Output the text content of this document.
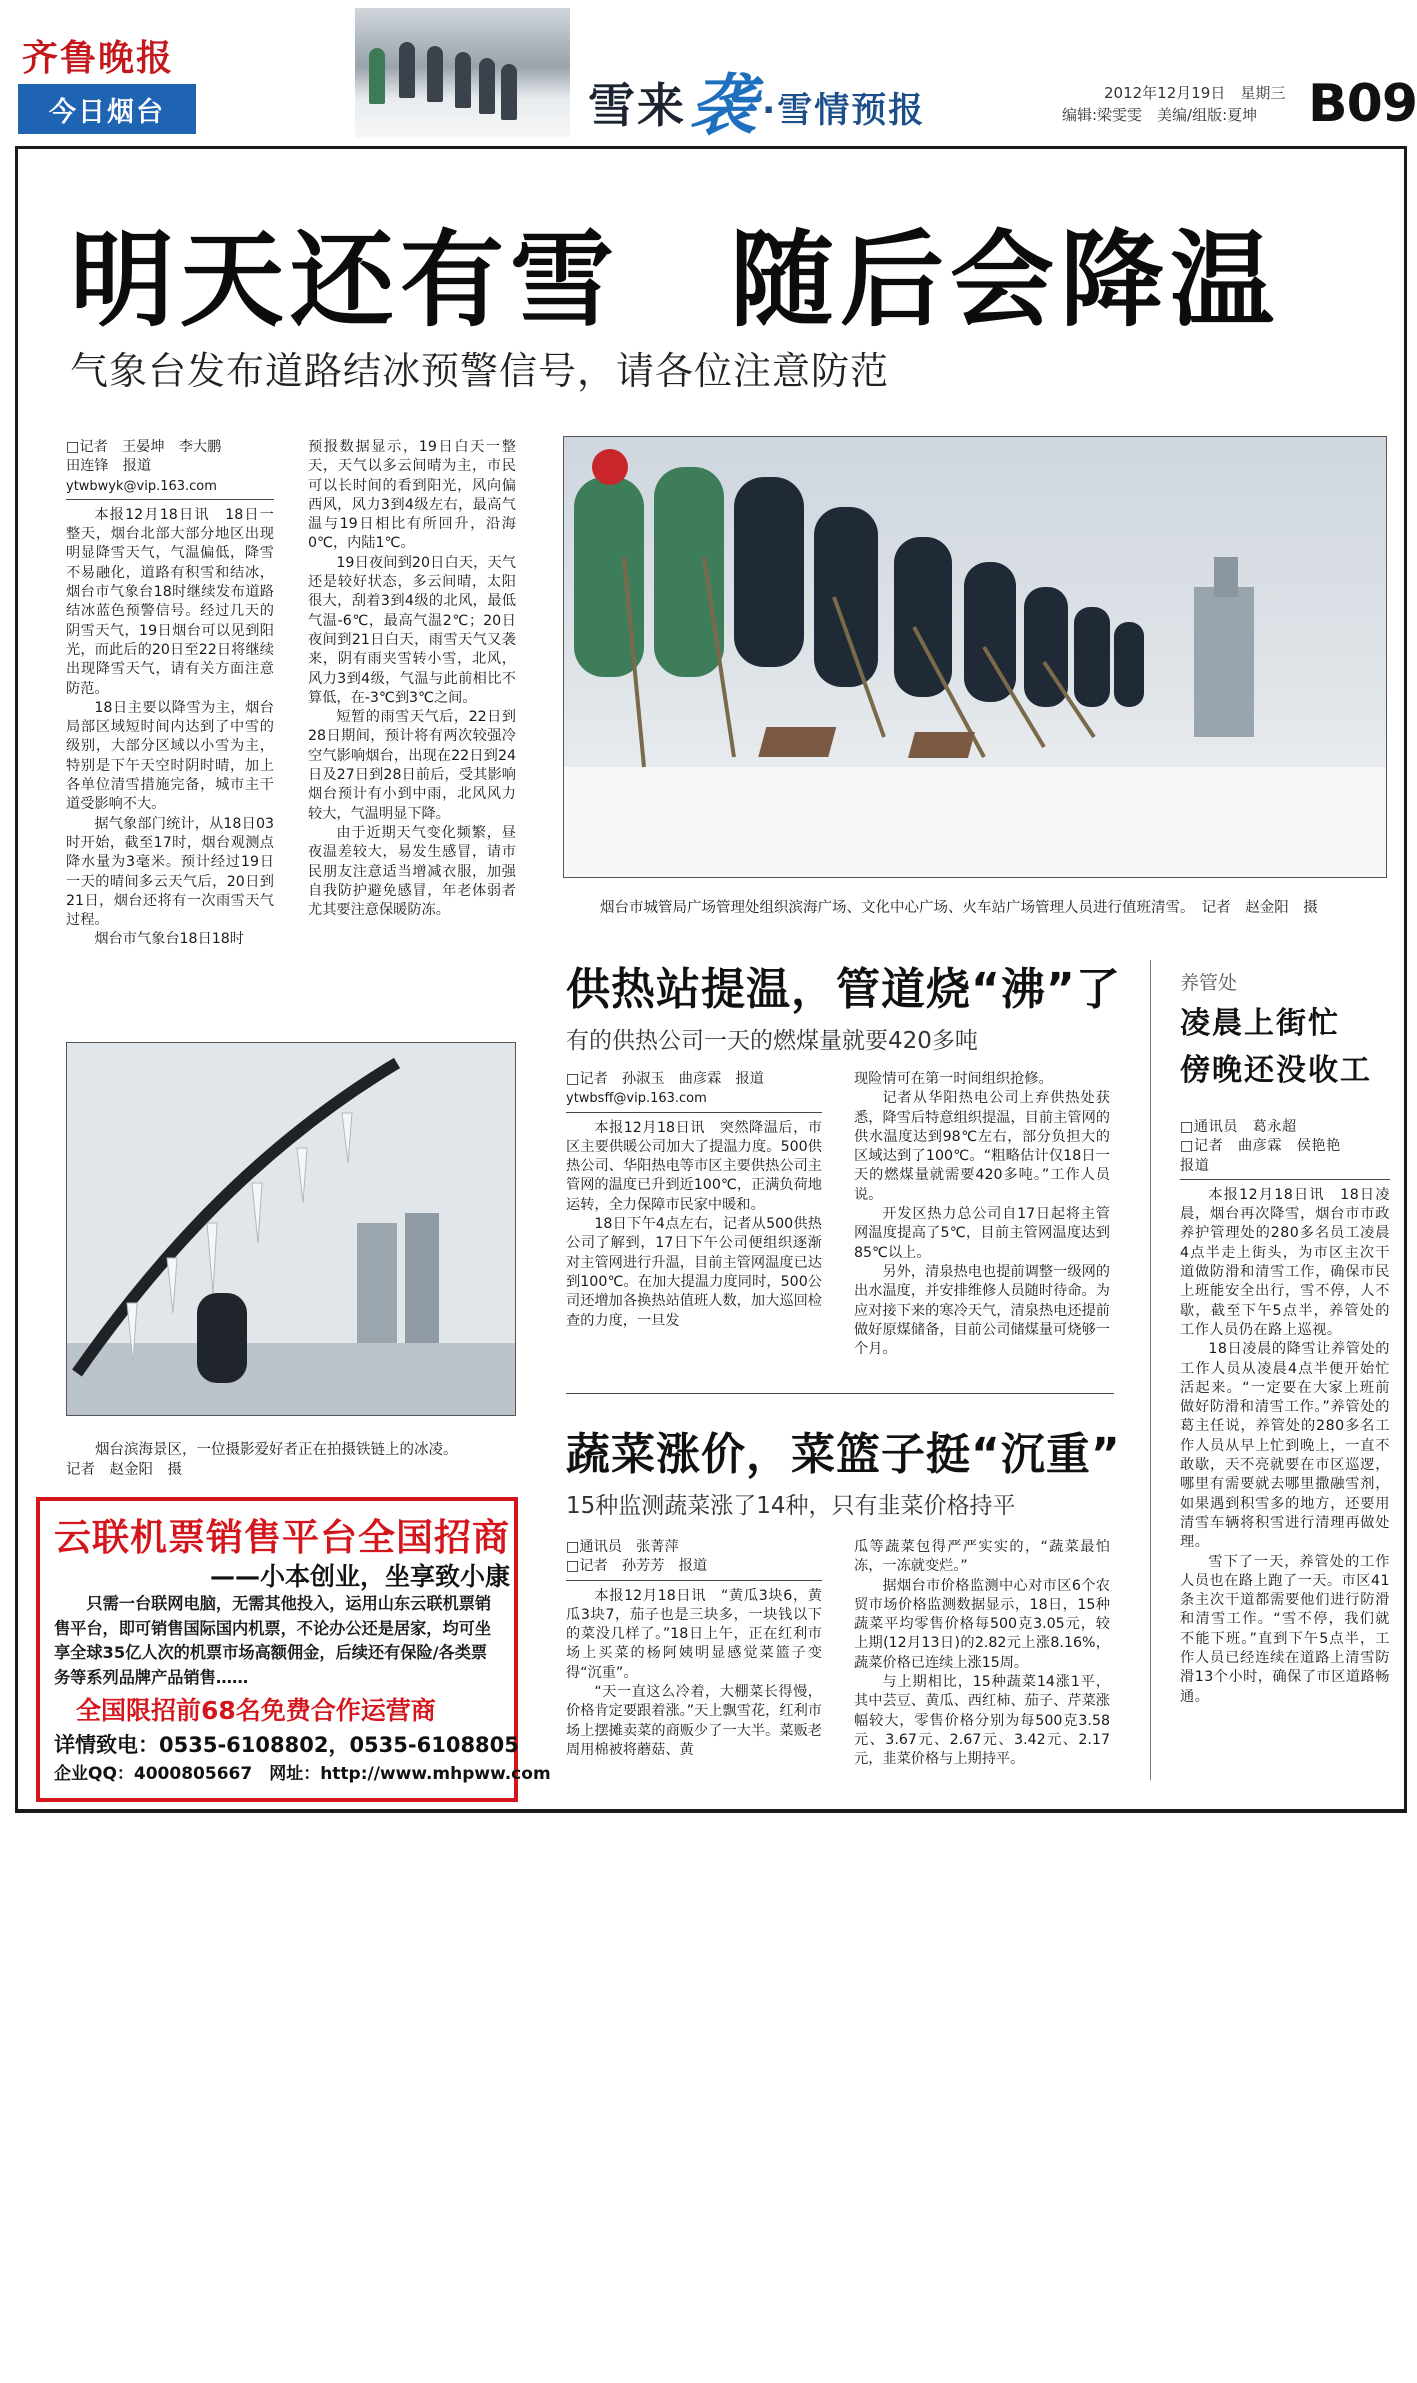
齐鲁晚报
今日烟台	雪来袭 ·雪情预报	2012年12月19日　星期三
编辑:梁雯雯　美编/组版:夏坤 B09
明天还有雪　随后会降温
气象台发布道路结冰预警信号，请各位注意防范

□记者　王晏坤　李大鹏

田连锋　报道

ytwbwyk@vip.163.com

本报12月18日讯　18日一整天，烟台北部大部分地区出现明显降雪天气，气温偏低，降雪不易融化，道路有积雪和结冰，烟台市气象台18时继续发布道路结冰蓝色预警信号。经过几天的阴雪天气，19日烟台可以见到阳光，而此后的20日至22日将继续出现降雪天气，请有关方面注意防范。

18日主要以降雪为主，烟台局部区域短时间内达到了中雪的级别，大部分区域以小雪为主，特别是下午天空时阴时晴，加上各单位清雪措施完备，城市主干道受影响不大。

据气象部门统计，从18日03时开始，截至17时，烟台观测点降水量为3毫米。预计经过19日一天的晴间多云天气后，20日到21日，烟台还将有一次雨雪天气过程。

烟台市气象台18日18时

预报数据显示，19日白天一整天，天气以多云间晴为主，市民可以长时间的看到阳光，风向偏西风，风力3到4级左右，最高气温与19日相比有所回升，沿海0℃，内陆1℃。

19日夜间到20日白天，天气还是较好状态，多云间晴，太阳很大，刮着3到4级的北风，最低气温-6℃，最高气温2℃；20日夜间到21日白天，雨雪天气又袭来，阴有雨夹雪转小雪，北风，风力3到4级，气温与此前相比不算低，在-3℃到3℃之间。

短暂的雨雪天气后，22日到28日期间，预计将有两次较强冷空气影响烟台，出现在22日到24日及27日到28日前后，受其影响烟台预计有小到中雨，北风风力较大，气温明显下降。

由于近期天气变化频繁，昼夜温差较大，易发生感冒，请市民朋友注意适当增减衣服，加强自我防护避免感冒，年老体弱者尤其要注意保暖防冻。	烟台市城管局广场管理处组织滨海广场、文化中心广场、火车站广场管理人员进行值班清雪。　记者　赵金阳　摄
烟台滨海景区，一位摄影爱好者正在拍摄铁链上的冰凌。
记者　赵金阳　摄
供热站提温，管道烧“沸”了
有的供热公司一天的燃煤量就要420多吨

□记者　孙淑玉　曲彦霖　报道

ytwbsff@vip.163.com

本报12月18日讯　突然降温后，市区主要供暖公司加大了提温力度。500供热公司、华阳热电等市区主要供热公司主管网的温度已升到近100℃，正满负荷地运转，全力保障市民家中暖和。

18日下午4点左右，记者从500供热公司了解到，17日下午公司便组织逐渐对主管网进行升温，目前主管网温度已达到100℃。在加大提温力度同时，500公司还增加各换热站值班人数，加大巡回检查的力度，一旦发

现险情可在第一时间组织抢修。

记者从华阳热电公司上弃供热处获悉，降雪后特意组织提温，目前主管网的供水温度达到98℃左右，部分负担大的区域达到了100℃。“粗略估计仅18日一天的燃煤量就需要420多吨。”工作人员说。

开发区热力总公司自17日起将主管网温度提高了5℃，目前主管网温度达到85℃以上。

另外，清泉热电也提前调整一级网的出水温度，并安排维修人员随时待命。为应对接下来的寒冷天气，清泉热电还提前做好原煤储备，目前公司储煤量可烧够一个月。

蔬菜涨价，菜篮子挺“沉重”
15种监测蔬菜涨了14种，只有韭菜价格持平

□通讯员　张菁萍

□记者　孙芳芳　报道

本报12月18日讯　“黄瓜3块6，黄瓜3块7，茄子也是三块多，一块钱以下的菜没几样了。”18日上午，正在红利市场上买菜的杨阿姨明显感觉菜篮子变得“沉重”。

“天一直这么冷着，大棚菜长得慢，价格肯定要跟着涨。”天上飘雪花，红利市场上摆摊卖菜的商贩少了一大半。菜贩老周用棉被将蘑菇、黄

瓜等蔬菜包得严严实实的，“蔬菜最怕冻，一冻就变烂。”

据烟台市价格监测中心对市区6个农贸市场价格监测数据显示，18日，15种蔬菜平均零售价格每500克3.05元，较上期(12月13日)的2.82元上涨8.16%，蔬菜价格已连续上涨15周。

与上期相比，15种蔬菜14涨1平，其中芸豆、黄瓜、西红柿、茄子、芹菜涨幅较大，零售价格分别为每500克3.58元、3.67元、2.67元、3.42元、2.17元，韭菜价格与上期持平。

养管处
凌晨上街忙
傍晚还没收工

□通讯员　葛永超

□记者　曲彦霖　侯艳艳

报道

本报12月18日讯　18日凌晨，烟台再次降雪，烟台市市政养护管理处的280多名员工凌晨4点半走上街头，为市区主次干道做防滑和清雪工作，确保市民上班能安全出行，雪不停，人不歇，截至下午5点半，养管处的工作人员仍在路上巡视。

18日凌晨的降雪让养管处的工作人员从凌晨4点半便开始忙活起来。“一定要在大家上班前做好防滑和清雪工作。”养管处的葛主任说，养管处的280多名工作人员从早上忙到晚上，一直不敢歇，天不亮就要在市区巡逻，哪里有需要就去哪里撒融雪剂，如果遇到积雪多的地方，还要用清雪车辆将积雪进行清理再做处理。

雪下了一天，养管处的工作人员也在路上跑了一天。市区41条主次干道都需要他们进行防滑和清雪工作。“雪不停，我们就不能下班。”直到下午5点半，工作人员已经连续在道路上清雪防滑13个小时，确保了市区道路畅通。

云联机票销售平台全国招商
——小本创业，坐享致小康
只需一台联网电脑，无需其他投入，运用山东云联机票销售平台，即可销售国际国内机票，不论办公还是居家，均可坐享全球35亿人次的机票市场高额佣金，后续还有保险/各类票务等系列品牌产品销售……
全国限招前68名免费合作运营商
详情致电：0535-6108802，0535-6108805
企业QQ：4000805667　网址：http://www.mhpww.com
